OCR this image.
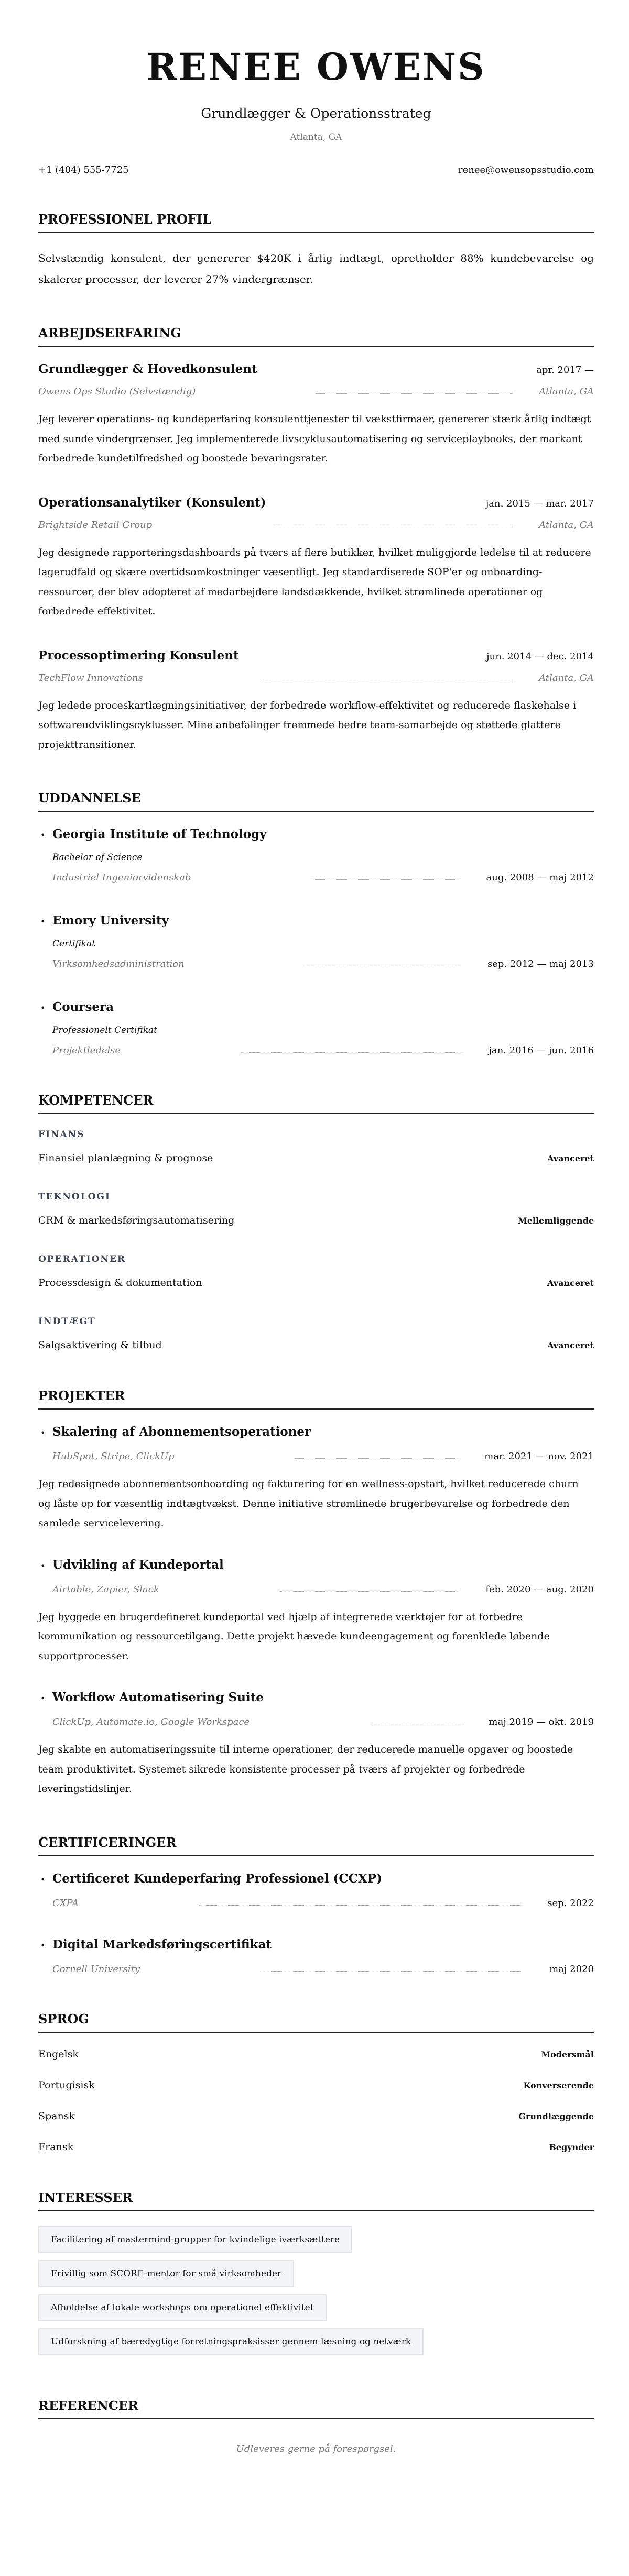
RENEE OWENS
Grundlægger & Operationsstrateg
Atlanta, GA
+1 (404) 555-7725	renee@owensopsstudio.com
PROFESSIONEL PROFIL

Selvstændig konsulent, der genererer $420K i årlig indtægt, opretholder 88% kundebevarelse og skalerer processer, der leverer 27% vindergrænser.

ARBEJDSERFARING
Grundlægger & Hovedkonsulent	apr. 2017 —
Owens Ops Studio (Selvstændig)	Atlanta, GA

Jeg leverer operations- og kundeperfaring konsulenttjenester til vækstfirmaer, genererer stærk årlig indtægt med sunde vindergrænser. Jeg implementerede livscyklusautomatisering og serviceplaybooks, der markant forbedrede kundetilfredshed og boostede bevaringsrater.

Operationsanalytiker (Konsulent)	jan. 2015 — mar. 2017
Brightside Retail Group	Atlanta, GA

Jeg designede rapporteringsdashboards på tværs af flere butikker, hvilket muliggjorde ledelse til at reducere lagerudfald og skære overtidsomkostninger væsentligt. Jeg standardiserede SOP'er og onboarding-ressourcer, der blev adopteret af medarbejdere landsdækkende, hvilket strømlinede operationer og forbedrede effektivitet.

Processoptimering Konsulent	jun. 2014 — dec. 2014
TechFlow Innovations	Atlanta, GA

Jeg ledede proceskartlægningsinitiativer, der forbedrede workflow-effektivitet og reducerede flaskehalse i softwareudviklingscyklusser. Mine anbefalinger fremmede bedre team-samarbejde og støttede glattere projekttransitioner.

UDDANNELSE
• Georgia Institute of Technology
Bachelor of Science
Industriel Ingeniørvidenskab	aug. 2008 — maj 2012
• Emory University
Certifikat
Virksomhedsadministration	sep. 2012 — maj 2013
• Coursera
Professionelt Certifikat
Projektledelse	jan. 2016 — jun. 2016
KOMPETENCER
FINANS
Finansiel planlægning & prognose	Avanceret
TEKNOLOGI
CRM & markedsføringsautomatisering	Mellemliggende
OPERATIONER
Processdesign & dokumentation	Avanceret
INDTÆGT
Salgsaktivering & tilbud	Avanceret
PROJEKTER
• Skalering af Abonnementsoperationer
HubSpot, Stripe, ClickUp	mar. 2021 — nov. 2021

Jeg redesignede abonnementsonboarding og fakturering for en wellness-opstart, hvilket reducerede churn og låste op for væsentlig indtægtvækst. Denne initiative strømlinede brugerbevarelse og forbedrede den samlede servicelevering.

• Udvikling af Kundeportal
Airtable, Zapier, Slack	feb. 2020 — aug. 2020

Jeg byggede en brugerdefineret kundeportal ved hjælp af integrerede værktøjer for at forbedre kommunikation og ressourcetilgang. Dette projekt hævede kundeengagement og forenklede løbende supportprocesser.

• Workflow Automatisering Suite
ClickUp, Automate.io, Google Workspace	maj 2019 — okt. 2019

Jeg skabte en automatiseringssuite til interne operationer, der reducerede manuelle opgaver og boostede team produktivitet. Systemet sikrede konsistente processer på tværs af projekter og forbedrede leveringstidslinjer.

CERTIFICERINGER
• Certificeret Kundeperfaring Professionel (CCXP)
CXPA	sep. 2022
• Digital Markedsføringscertifikat
Cornell University	maj 2020
SPROG
Engelsk	Modersmål
Portugisisk	Konverserende
Spansk	Grundlæggende
Fransk	Begynder
INTERESSER
Facilitering af mastermind-grupper for kvindelige iværksættere
Frivillig som SCORE-mentor for små virksomheder
Afholdelse af lokale workshops om operationel effektivitet
Udforskning af bæredygtige forretningspraksisser gennem læsning og netværk
REFERENCER
Udleveres gerne på forespørgsel.
